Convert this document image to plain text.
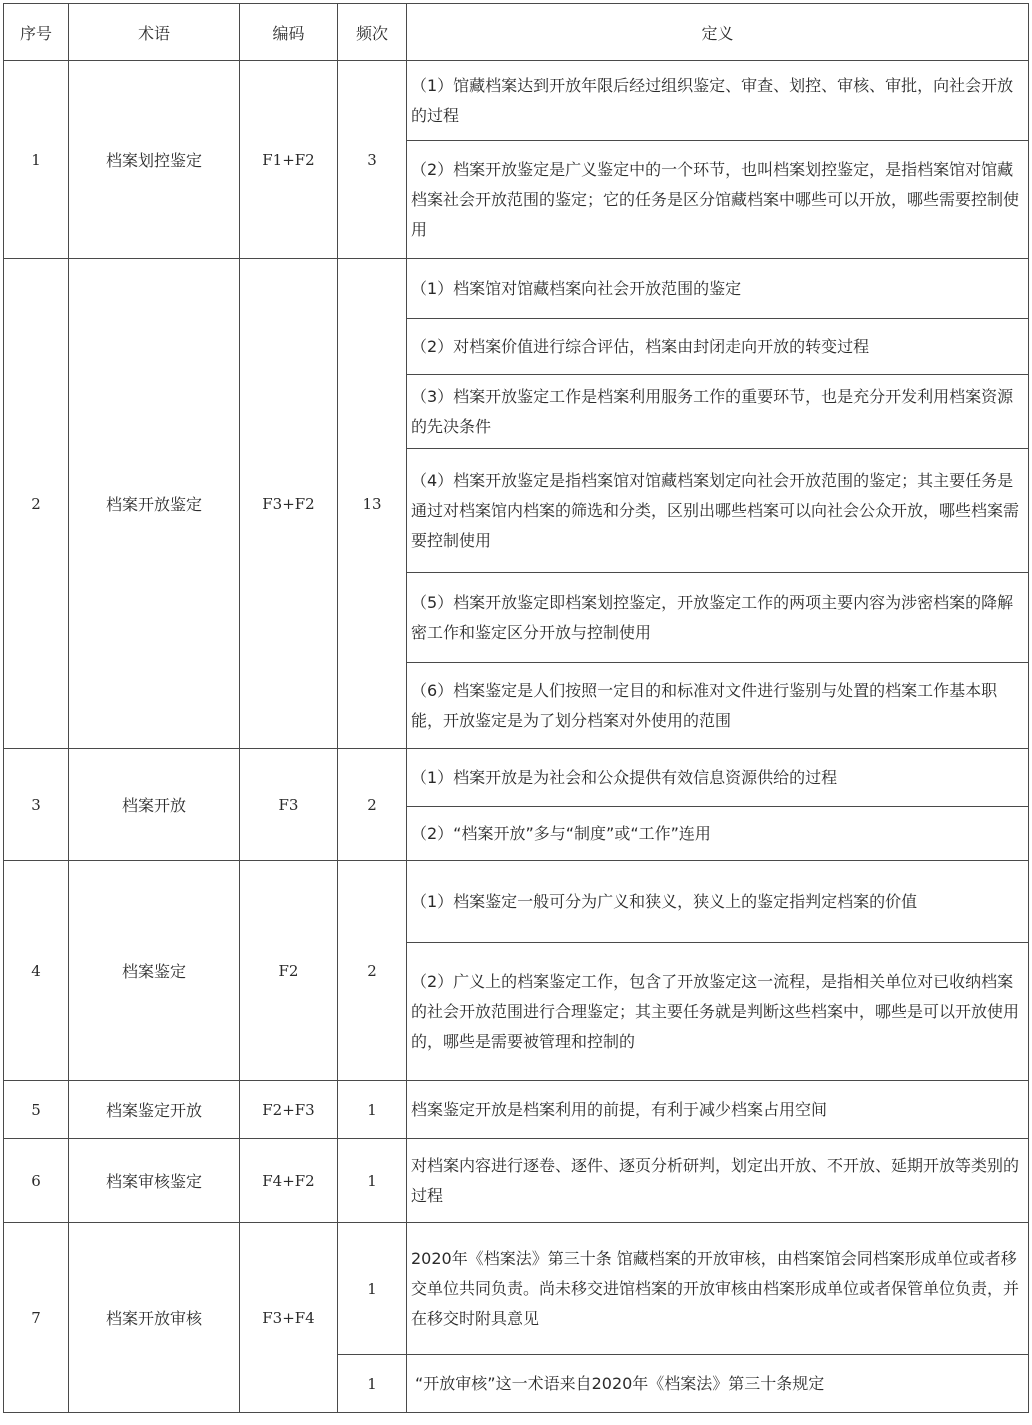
序号	术语	编码	频次	定义
1	档案划控鉴定	F1+F2	3	（1）馆藏档案达到开放年限后经过组织鉴定、审查、划控、审核、审批，向社会开放的过程
				（2）档案开放鉴定是广义鉴定中的一个环节，也叫档案划控鉴定，是指档案馆对馆藏档案社会开放范围的鉴定；它的任务是区分馆藏档案中哪些可以开放，哪些需要控制使用
2	档案开放鉴定	F3+F2	13	（1）档案馆对馆藏档案向社会开放范围的鉴定
				（2）对档案价值进行综合评估，档案由封闭走向开放的转变过程
				（3）档案开放鉴定工作是档案利用服务工作的重要环节，也是充分开发利用档案资源的先决条件
				（4）档案开放鉴定是指档案馆对馆藏档案划定向社会开放范围的鉴定；其主要任务是通过对档案馆内档案的筛选和分类，区别出哪些档案可以向社会公众开放，哪些档案需要控制使用
				（5）档案开放鉴定即档案划控鉴定，开放鉴定工作的两项主要内容为涉密档案的降解密工作和鉴定区分开放与控制使用
				（6）档案鉴定是人们按照一定目的和标准对文件进行鉴别与处置的档案工作基本职能，开放鉴定是为了划分档案对外使用的范围
3	档案开放	F3	2	（1）档案开放是为社会和公众提供有效信息资源供给的过程
				（2）“档案开放”多与“制度”或“工作”连用
4	档案鉴定	F2	2	（1）档案鉴定一般可分为广义和狭义，狭义上的鉴定指判定档案的价值
				（2）广义上的档案鉴定工作，包含了开放鉴定这一流程，是指相关单位对已收纳档案的社会开放范围进行合理鉴定；其主要任务就是判断这些档案中，哪些是可以开放使用的，哪些是需要被管理和控制的
5	档案鉴定开放	F2+F3	1	档案鉴定开放是档案利用的前提，有利于减少档案占用空间
6	档案审核鉴定	F4+F2	1	对档案内容进行逐卷、逐件、逐页分析研判，划定出开放、不开放、延期开放等类别的过程
7	档案开放审核	F3+F4	1	2020年《档案法》第三十条 馆藏档案的开放审核，由档案馆会同档案形成单位或者移交单位共同负责。尚未移交进馆档案的开放审核由档案形成单位或者保管单位负责，并在移交时附具意见
			1	“开放审核”这一术语来自2020年《档案法》第三十条规定
